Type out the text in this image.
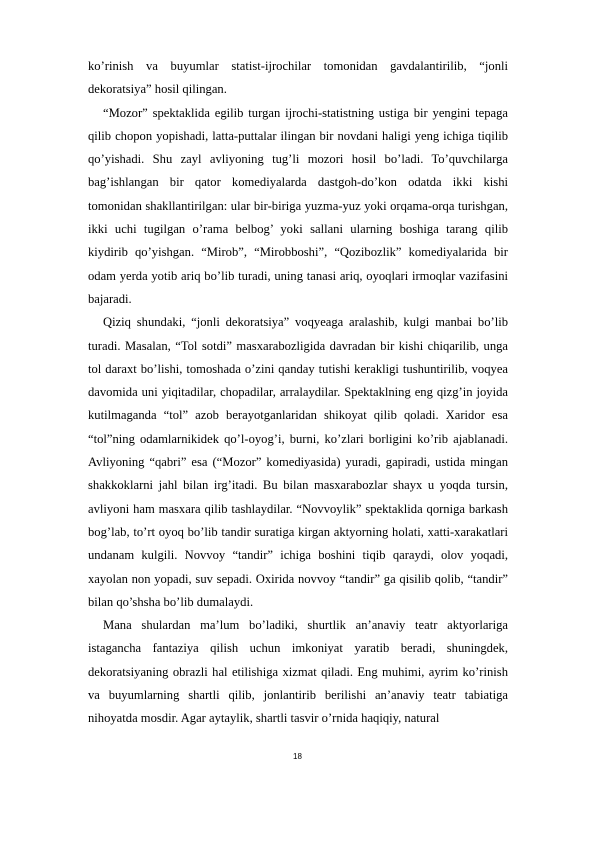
ko’rinish va buyumlar statist-ijrochilar tomonidan gavdalantirilib, “jonli dekoratsiya” hosil qilingan.

“Mozor” spektaklida egilib turgan ijrochi-statistning ustiga bir yengini tepaga qilib chopon yopishadi, latta-puttalar ilingan bir novdani haligi yeng ichiga tiqilib qo’yishadi. Shu zayl avliyoning tug’li mozori hosil bo’ladi. To’quvchilarga bag’ishlangan bir qator komediyalarda dastgoh-do’kon odatda ikki kishi tomonidan shakllantirilgan: ular bir-biriga yuzma-yuz yoki orqama-orqa turishgan, ikki uchi tugilgan o’rama belbog’ yoki sallani ularning boshiga tarang qilib kiydirib qo’yishgan. “Mirob”, “Mirobboshi”, “Qozibozlik” komediyalarida bir odam yerda yotib ariq bo’lib turadi, uning tanasi ariq, oyoqlari irmoqlar vazifasini bajaradi.

Qiziq shundaki, “jonli dekoratsiya” voqyeaga aralashib, kulgi manbai bo’lib turadi. Masalan, “Tol sotdi” masxarabozligida davradan bir kishi chiqarilib, unga tol daraxt bo’lishi, tomoshada o’zini qanday tutishi kerakligi tushuntirilib, voqyea davomida uni yiqitadilar, chopadilar, arralaydilar. Spektaklning eng qizg’in joyida kutilmaganda “tol” azob berayotganlaridan shikoyat qilib qoladi. Xaridor esa “tol”ning odamlarnikidek qo’l-oyog’i, burni, ko’zlari borligini ko’rib ajablanadi. Avliyoning “qabri” esa (“Mozor” komediyasida) yuradi, gapiradi, ustida mingan shakkoklarni jahl bilan irg’itadi. Bu bilan masxarabozlar shayx u yoqda tursin, avliyoni ham masxara qilib tashlaydilar. “Novvoylik” spektaklida qorniga barkash bog’lab, to’rt oyoq bo’lib tandir suratiga kirgan aktyorning holati, xatti-xarakatlari undanam kulgili. Novvoy “tandir” ichiga boshini tiqib qaraydi, olov yoqadi, xayolan non yopadi, suv sepadi. Oxirida novvoy “tandir” ga qisilib qolib, “tandir” bilan qo’shsha bo’lib dumalaydi.

Mana shulardan ma’lum bo’ladiki, shurtlik an’anaviy teatr aktyorlariga istagancha fantaziya qilish uchun imkoniyat yaratib beradi, shuningdek, dekoratsiyaning obrazli hal etilishiga xizmat qiladi. Eng muhimi, ayrim ko’rinish va buyumlarning shartli qilib, jonlantirib berilishi an’anaviy teatr tabiatiga nihoyatda mosdir. Agar aytaylik, shartli tasvir o’rnida haqiqiy, natural

18
